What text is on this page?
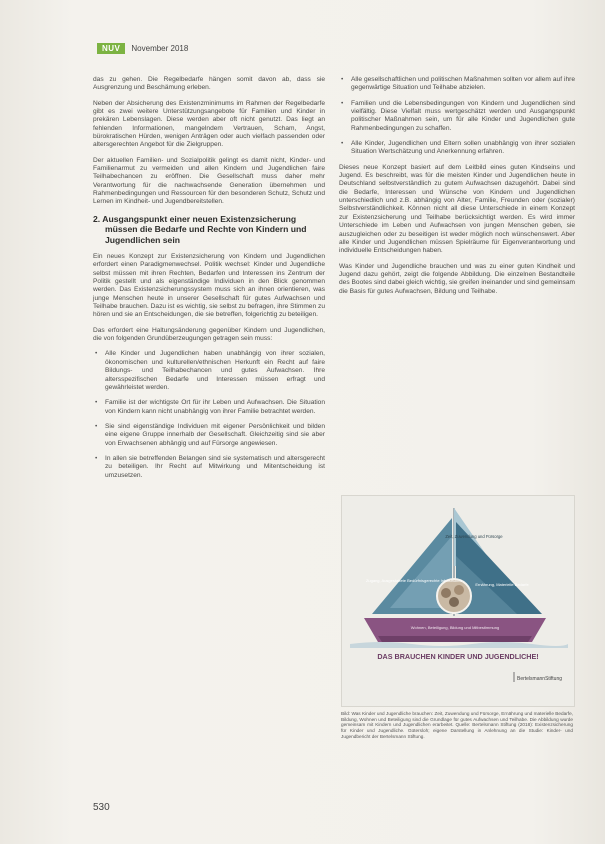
NUV	November 2018

das zu gehen. Die Regelbedarfe hängen somit davon ab, dass sie Ausgrenzung und Beschämung erleben.

Neben der Absicherung des Existenzminimums im Rahmen der Regelbedarfe gibt es zwei weitere Unterstützungsangebote für Familien und Kinder in prekären Lebenslagen. Diese werden aber oft nicht genutzt. Das liegt an fehlenden Informationen, mangelndem Vertrauen, Scham, Angst, bürokratischen Hürden, wenigen Anträgen oder auch vielfach passenden oder altersgerechten Angebot für die Zielgruppen.

Der aktuellen Familien- und Sozialpolitik gelingt es damit nicht, Kinder- und Familienarmut zu vermeiden und allen Kindern und Jugendlichen faire Teilhabechancen zu eröffnen. Die Gesellschaft muss daher mehr Verantwortung für die nachwachsende Generation übernehmen und Rahmenbedingungen und Ressourcen für den besonderen Schutz, Schutz und Lernen im Kindheit- und Jugendbereitstellen.

2. Ausgangspunkt einer neuen Existenzsicherung müssen die Bedarfe und Rechte von Kindern und Jugendlichen sein

Ein neues Konzept zur Existenzsicherung von Kindern und Jugendlichen erfordert einen Paradigmenwechsel. Politik wechsel: Kinder und Jugendliche selbst müssen mit ihren Rechten, Bedarfen und Interessen ins Zentrum der Politik gestellt und als eigenständige Individuen in den Blick genommen werden. Das Existenzsicherungssystem muss sich an ihnen orientieren, was junge Menschen heute in unserer Gesellschaft für gutes Aufwachsen und Teilhabe brauchen. Dazu ist es wichtig, sie selbst zu befragen, ihre Stimmen zu hören und sie an Entscheidungen, die sie betreffen, folgerichtig zu beteiligen.

Das erfordert eine Haltungsänderung gegenüber Kindern und Jugendlichen, die von folgenden Grundüberzeugungen getragen sein muss:

• Alle Kinder und Jugendlichen haben unabhängig von ihrer sozialen, ökonomischen und kulturellen/ethnischen Herkunft ein Recht auf faire Bildungs- und Teilhabechancen und gutes Aufwachsen. Ihre altersspezifischen Bedarfe und Interessen müssen erfragt und gewährleistet werden.
• Familie ist der wichtigste Ort für ihr Leben und Aufwachsen. Die Situation von Kindern kann nicht unabhängig von ihrer Familie betrachtet werden.
• Sie sind eigenständige Individuen mit eigener Persönlichkeit und bilden eine eigene Gruppe innerhalb der Gesellschaft. Gleichzeitig sind sie aber von Erwachsenen abhängig und auf Fürsorge angewiesen.
• In allen sie betreffenden Belangen sind sie systematisch und altersgerecht zu beteiligen. Ihr Recht auf Mitwirkung und Mitentscheidung ist umzusetzen.
• Alle gesellschaftlichen und politischen Maßnahmen sollten vor allem auf ihre gegenwärtige Situation und Teilhabe abzielen.
• Familien und die Lebensbedingungen von Kindern und Jugendlichen sind vielfältig. Diese Vielfalt muss wertgeschätzt werden und Ausgangspunkt politischer Maßnahmen sein, um für alle Kinder und Jugendlichen gute Rahmenbedingungen zu schaffen.
• Alle Kinder, Jugendlichen und Eltern sollen unabhängig von ihrer sozialen Situation Wertschätzung und Anerkennung erfahren.

Dieses neue Konzept basiert auf dem Leitbild eines guten Kindseins und Jugend. Es beschreibt, was für die meisten Kinder und Jugendlichen heute in Deutschland selbstverständlich zu gutem Aufwachsen dazugehört. Dabei sind die Bedarfe, Interessen und Wünsche von Kindern und Jugendlichen unterschiedlich und z.B. abhängig von Alter, Familie, Freunden oder (sozialer) Selbstverständlichkeit. Können nicht all diese Unterschiede in einem Konzept zur Existenzsicherung und Teilhabe berücksichtigt werden. Es wird immer Unterschiede im Leben und Aufwachsen von jungen Menschen geben, sie auszugleichen oder zu beseitigen ist weder möglich noch wünschenswert. Aber alle Kinder und Jugendlichen müssen Spielräume für Eigenverantwortung und individuelle Entscheidungen haben.

Was Kinder und Jugendliche brauchen und was zu einer guten Kindheit und Jugend dazu gehört, zeigt die folgende Abbildung. Die einzelnen Bestandteile des Bootes sind dabei gleich wichtig, sie greifen ineinander und sind gemeinsam die Basis für gutes Aufwachsen, Bildung und Teilhabe.

Zeit, Zuwendung und Fürsorge
Zugang, Ausgestattete Bedürfnisgerechte Infrastruktur
Ernährung, Materielle Bedarfe
Wohnen, Beteiligung, Bildung und Mitbestimmung
DAS BRAUCHEN KINDER UND JUGENDLICHE!
BertelsmannStiftung
Bild: Was Kinder und Jugendliche brauchen: Zeit, Zuwendung und Fürsorge, Ernährung und materielle Bedarfe, Bildung, Wohnen und Beteiligung sind die Grundlage für gutes Aufwachsen und Teilhabe. Die Abbildung wurde gemeinsam mit Kindern und Jugendlichen erarbeitet. Quelle: Bertelsmann Stiftung (2018): Existenzsicherung für Kinder und Jugendliche. Gütersloh; eigene Darstellung in Anlehnung an die Studie: Kinder- und Jugendbericht der Bertelsmann Stiftung.
530
